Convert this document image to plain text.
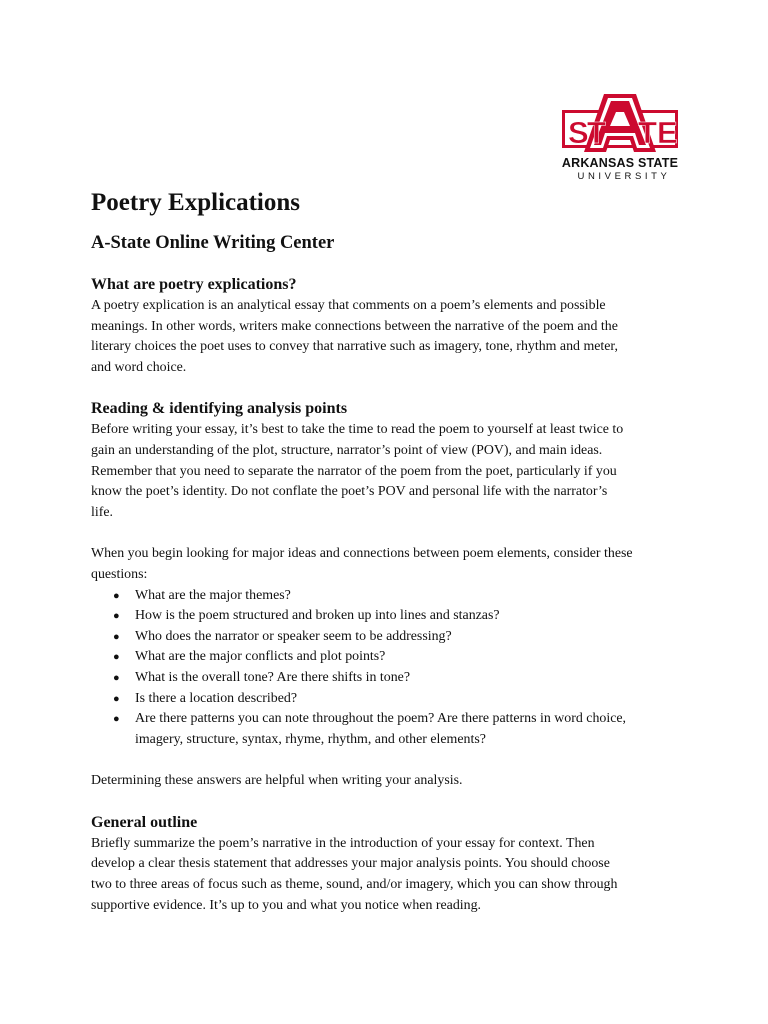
S
T T E
ARKANSAS STATE
UNIVERSITY
Poetry Explications
A-State Online Writing Center
What are poetry explications?

A poetry explication is an analytical essay that comments on a poem’s elements and possible

meanings. In other words, writers make connections between the narrative of the poem and the

literary choices the poet uses to convey that narrative such as imagery, tone, rhythm and meter,

and word choice.

Reading & identifying analysis points

Before writing your essay, it’s best to take the time to read the poem to yourself at least twice to

gain an understanding of the plot, structure, narrator’s point of view (POV), and main ideas.

Remember that you need to separate the narrator of the poem from the poet, particularly if you

know the poet’s identity. Do not conflate the poet’s POV and personal life with the narrator’s

life.

When you begin looking for major ideas and connections between poem elements, consider these

questions:

● What are the major themes?
● How is the poem structured and broken up into lines and stanzas?
● Who does the narrator or speaker seem to be addressing?
● What are the major conflicts and plot points?
● What is the overall tone? Are there shifts in tone?
● Is there a location described?
● Are there patterns you can note throughout the poem? Are there patterns in word choice,
imagery, structure, syntax, rhyme, rhythm, and other elements?

Determining these answers are helpful when writing your analysis.

General outline

Briefly summarize the poem’s narrative in the introduction of your essay for context. Then

develop a clear thesis statement that addresses your major analysis points. You should choose

two to three areas of focus such as theme, sound, and/or imagery, which you can show through

supportive evidence. It’s up to you and what you notice when reading.
